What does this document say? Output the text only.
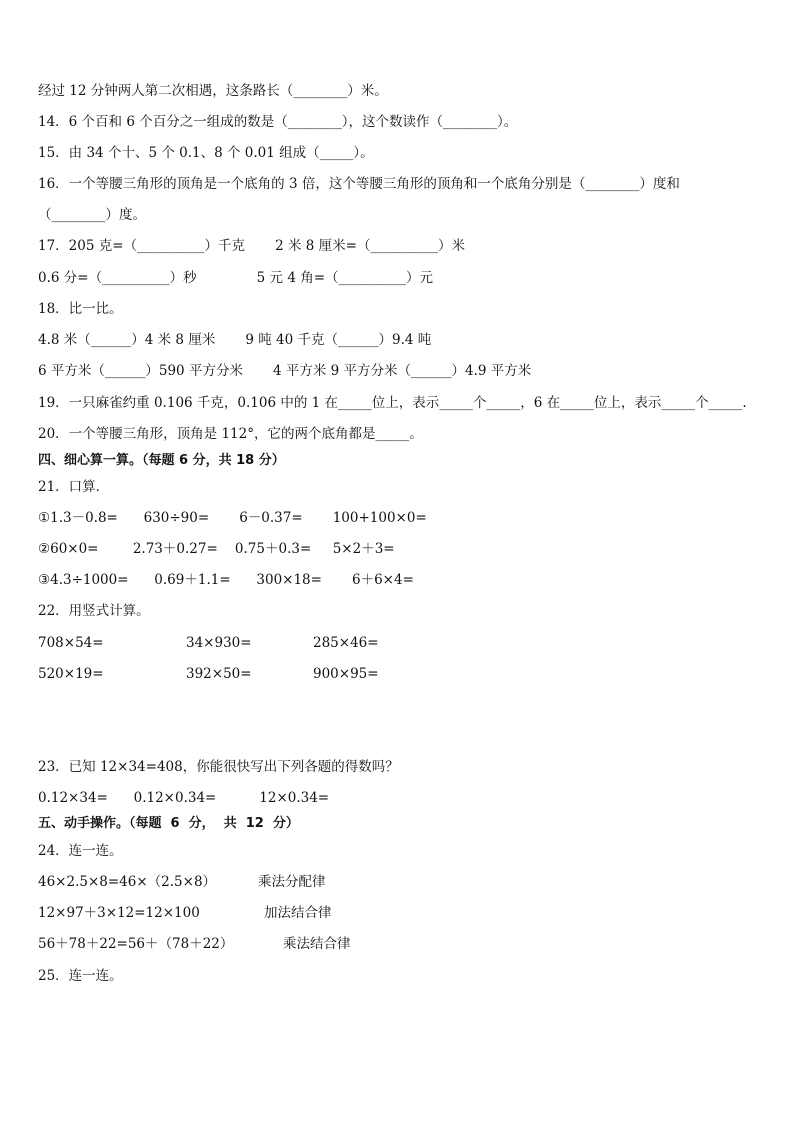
经过 12 分钟两人第二次相遇，这条路长（________）米。
14．6 个百和 6 个百分之一组成的数是（________），这个数读作（________）。
15．由 34 个十、5 个 0.1、8 个 0.01 组成（_____）。
16．一个等腰三角形的顶角是一个底角的 3 倍，这个等腰三角形的顶角和一个底角分别是（________）度和
（________）度。
17．205 克=（__________）千克       2 米 8 厘米=（__________）米
0.6 分=（__________）秒              5 元 4 角=（__________）元
18．比一比。
4.8 米（______）4 米 8 厘米       9 吨 40 千克（______）9.4 吨
6 平方米（______）590 平方分米       4 平方米 9 平方分米（______）4.9 平方米
19．一只麻雀约重 0.106 千克，0.106 中的 1 在_____位上，表示_____个_____，6 在_____位上，表示_____个_____.
20．一个等腰三角形，顶角是 112°，它的两个底角都是_____。
四、细心算一算。（每题 6 分，共 18 分）
21．口算．
①1.3－0.8=      630÷90=       6－0.37=       100+100×0=
②60×0=        2.73＋0.27=    0.75＋0.3=     5×2＋3=
③4.3÷1000=      0.69＋1.1=      300×18=       6＋6×4=
22．用竖式计算。
708×54=	34×930=	285×46=
520×19=	392×50=	900×95=
23．已知 12×34=408，你能很快写出下列各题的得数吗？
0.12×34=      0.12×0.34=          12×0.34=
五、动手操作。（每题  6  分，  共  12  分）
24．连一连。
46×2.5×8=46×（2.5×8）	乘法分配律
12×97＋3×12=12×100	加法结合律
56＋78＋22=56＋（78＋22）	乘法结合律
25．连一连。
